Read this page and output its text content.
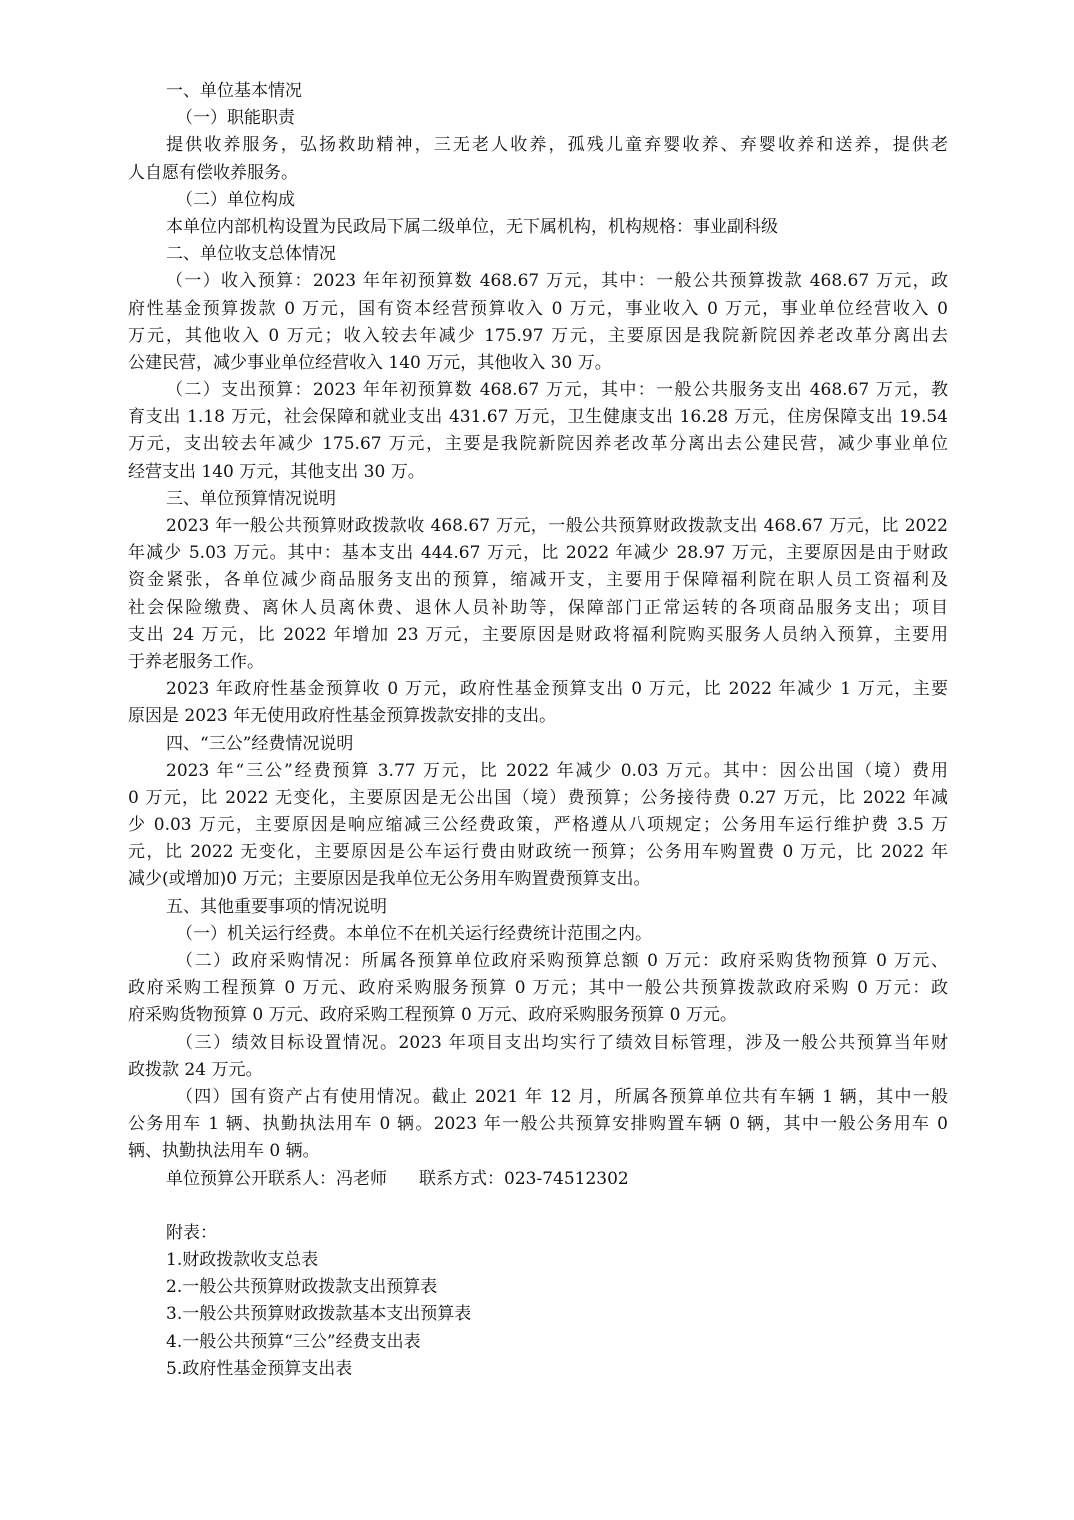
一、单位基本情况
（一）职能职责
提供收养服务，弘扬救助精神，三无老人收养，孤残儿童弃婴收养、弃婴收养和送养，提供老
人自愿有偿收养服务。
（二）单位构成
本单位内部机构设置为民政局下属二级单位，无下属机构，机构规格：事业副科级
二、单位收支总体情况
（一）收入预算：2023 年年初预算数 468.67 万元，其中：一般公共预算拨款 468.67 万元，政
府性基金预算拨款 0 万元，国有资本经营预算收入 0 万元，事业收入 0 万元，事业单位经营收入 0
万元，其他收入 0 万元；收入较去年减少 175.97 万元，主要原因是我院新院因养老改革分离出去
公建民营，减少事业单位经营收入 140 万元，其他收入 30 万。
（二）支出预算：2023 年年初预算数 468.67 万元，其中：一般公共服务支出 468.67 万元，教
育支出 1.18 万元，社会保障和就业支出 431.67 万元，卫生健康支出 16.28 万元，住房保障支出 19.54
万元，支出较去年减少 175.67 万元，主要是我院新院因养老改革分离出去公建民营，减少事业单位
经营支出 140 万元，其他支出 30 万。
三、单位预算情况说明
2023 年一般公共预算财政拨款收 468.67 万元，一般公共预算财政拨款支出 468.67 万元，比 2022
年减少 5.03 万元。其中：基本支出 444.67 万元，比 2022 年减少 28.97 万元，主要原因是由于财政
资金紧张，各单位减少商品服务支出的预算，缩减开支，主要用于保障福利院在职人员工资福利及
社会保险缴费、离休人员离休费、退休人员补助等，保障部门正常运转的各项商品服务支出；项目
支出 24 万元，比 2022 年增加 23 万元，主要原因是财政将福利院购买服务人员纳入预算，主要用
于养老服务工作。
2023 年政府性基金预算收 0 万元，政府性基金预算支出 0 万元，比 2022 年减少 1 万元，主要
原因是 2023 年无使用政府性基金预算拨款安排的支出。
四、“三公”经费情况说明
2023 年“三公”经费预算 3.77 万元，比 2022 年减少 0.03 万元。其中：因公出国（境）费用
0 万元，比 2022 无变化，主要原因是无公出国（境）费预算；公务接待费 0.27 万元，比 2022 年减
少 0.03 万元，主要原因是响应缩减三公经费政策，严格遵从八项规定；公务用车运行维护费 3.5 万
元，比 2022 无变化，主要原因是公车运行费由财政统一预算；公务用车购置费 0 万元，比 2022 年
减少(或增加)0 万元；主要原因是我单位无公务用车购置费预算支出。
五、其他重要事项的情况说明
（一）机关运行经费。本单位不在机关运行经费统计范围之内。
（二）政府采购情况：所属各预算单位政府采购预算总额 0 万元：政府采购货物预算 0 万元、
政府采购工程预算 0 万元、政府采购服务预算 0 万元；其中一般公共预算拨款政府采购 0 万元：政
府采购货物预算 0 万元、政府采购工程预算 0 万元、政府采购服务预算 0 万元。
（三）绩效目标设置情况。2023 年项目支出均实行了绩效目标管理，涉及一般公共预算当年财
政拨款 24 万元。
（四）国有资产占有使用情况。截止 2021 年 12 月，所属各预算单位共有车辆 1 辆，其中一般
公务用车 1 辆、执勤执法用车 0 辆。2023 年一般公共预算安排购置车辆 0 辆，其中一般公务用车 0
辆、执勤执法用车 0 辆。
单位预算公开联系人：冯老师 联系方式：023-74512302
附表：
1.财政拨款收支总表
2.一般公共预算财政拨款支出预算表
3.一般公共预算财政拨款基本支出预算表
4.一般公共预算“三公”经费支出表
5.政府性基金预算支出表
